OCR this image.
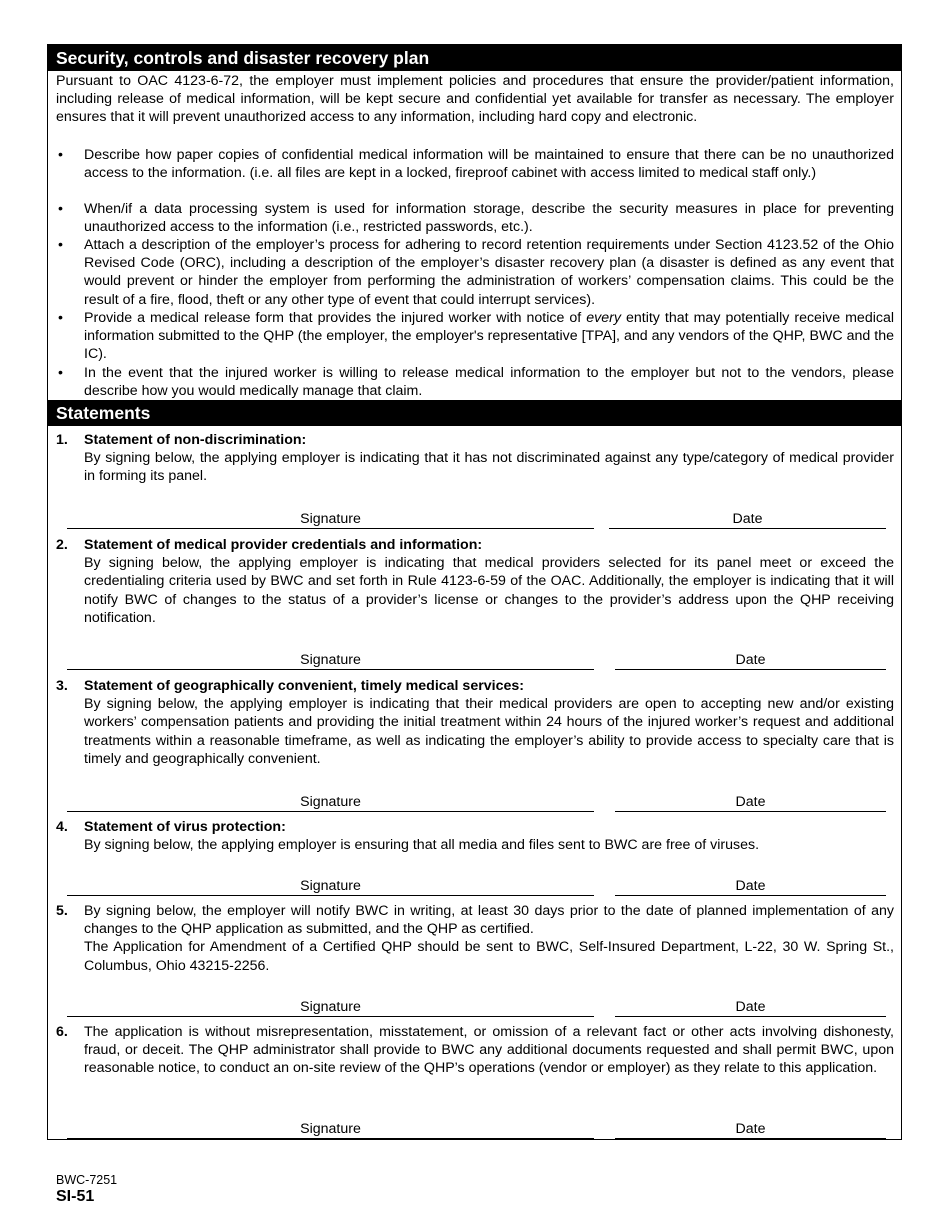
Security, controls and disaster recovery plan
Pursuant to OAC 4123-6-72, the employer must implement policies and procedures that ensure the provider/patient information, including release of medical information, will be kept secure and confidential yet available for transfer as necessary. The employer ensures that it will prevent unauthorized access to any information, including hard copy and electronic.
• Describe how paper copies of confidential medical information will be maintained to ensure that there can be no unauthorized access to the information. (i.e. all files are kept in a locked, fireproof cabinet with access limited to medical staff only.)
• When/if a data processing system is used for information storage, describe the security measures in place for preventing unauthorized access to the information (i.e., restricted passwords, etc.).
• Attach a description of the employer’s process for adhering to record retention requirements under Section 4123.52 of the Ohio Revised Code (ORC), including a description of the employer’s disaster recovery plan (a disaster is defined as any event that would prevent or hinder the employer from performing the administration of workers’ compensation claims. This could be the result of a fire, flood, theft or any other type of event that could interrupt services).
• Provide a medical release form that provides the injured worker with notice of every entity that may potentially receive medical information submitted to the QHP (the employer, the employer's representative [TPA], and any vendors of the QHP, BWC and the IC).
• In the event that the injured worker is willing to release medical information to the employer but not to the vendors, please describe how you would medically manage that claim.
Statements
1. Statement of non-discrimination:
By signing below, the applying employer is indicating that it has not discriminated against any type/category of medical provider in forming its panel.
Signature	Date
2. Statement of medical provider credentials and information:
By signing below, the applying employer is indicating that medical providers selected for its panel meet or exceed the credentialing criteria used by BWC and set forth in Rule 4123-6-59 of the OAC. Additionally, the employer is indicating that it will notify BWC of changes to the status of a provider’s license or changes to the provider’s address upon the QHP receiving notification.
Signature	Date
3. Statement of geographically convenient, timely medical services:
By signing below, the applying employer is indicating that their medical providers are open to accepting new and/or existing workers’ compensation patients and providing the initial treatment within 24 hours of the injured worker’s request and additional treatments within a reasonable timeframe, as well as indicating the employer’s ability to provide access to specialty care that is timely and geographically convenient.
Signature	Date
4. Statement of virus protection:
By signing below, the applying employer is ensuring that all media and files sent to BWC are free of viruses.
Signature	Date
5. By signing below, the employer will notify BWC in writing, at least 30 days prior to the date of planned implementation of any changes to the QHP application as submitted, and the QHP as certified.
The Application for Amendment of a Certified QHP should be sent to BWC, Self-Insured Department, L-22, 30 W. Spring St., Columbus, Ohio 43215-2256.
Signature	Date
6. The application is without misrepresentation, misstatement, or omission of a relevant fact or other acts involving dishonesty, fraud, or deceit. The QHP administrator shall provide to BWC any additional documents requested and shall permit BWC, upon reasonable notice, to conduct an on-site review of the QHP’s operations (vendor or employer) as they relate to this application.
Signature	Date
BWC-7251
SI-51
